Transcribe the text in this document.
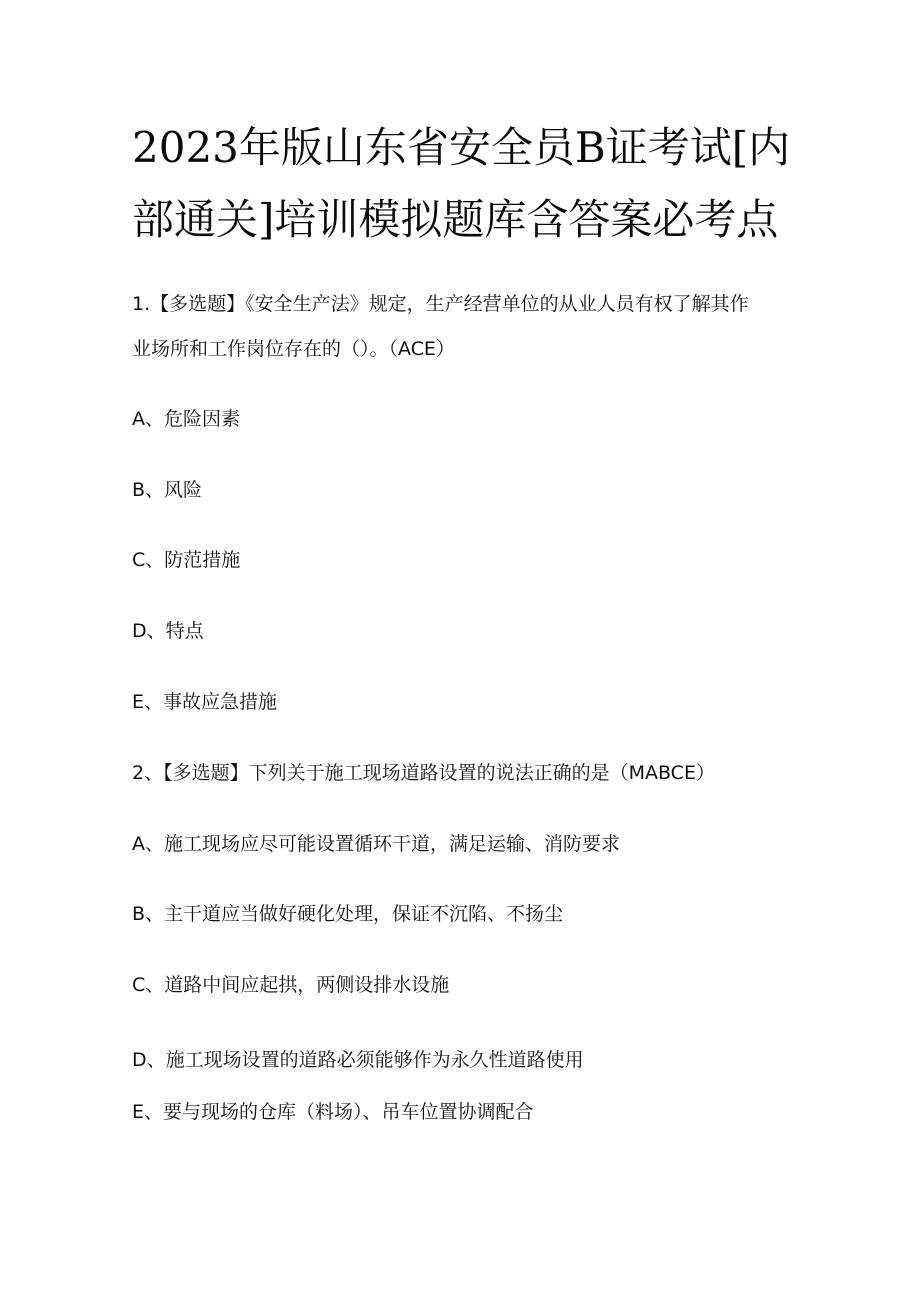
2023年版山东省安全员B证考试[内
部通关]培训模拟题库含答案必考点
1.【多选题】《安全生产法》规定，生产经营单位的从业人员有权了解其作
业场所和工作岗位存在的（）。（ACE）
A、危险因素
B、风险
C、防范措施
D、特点
E、事故应急措施
2、【多选题】下列关于施工现场道路设置的说法正确的是（MABCE）
A、施工现场应尽可能设置循环干道，满足运输、消防要求
B、主干道应当做好硬化处理，保证不沉陷、不扬尘
C、道路中间应起拱，两侧设排水设施
D、施工现场设置的道路必须能够作为永久性道路使用
E、要与现场的仓库（料场）、吊车位置协调配合
